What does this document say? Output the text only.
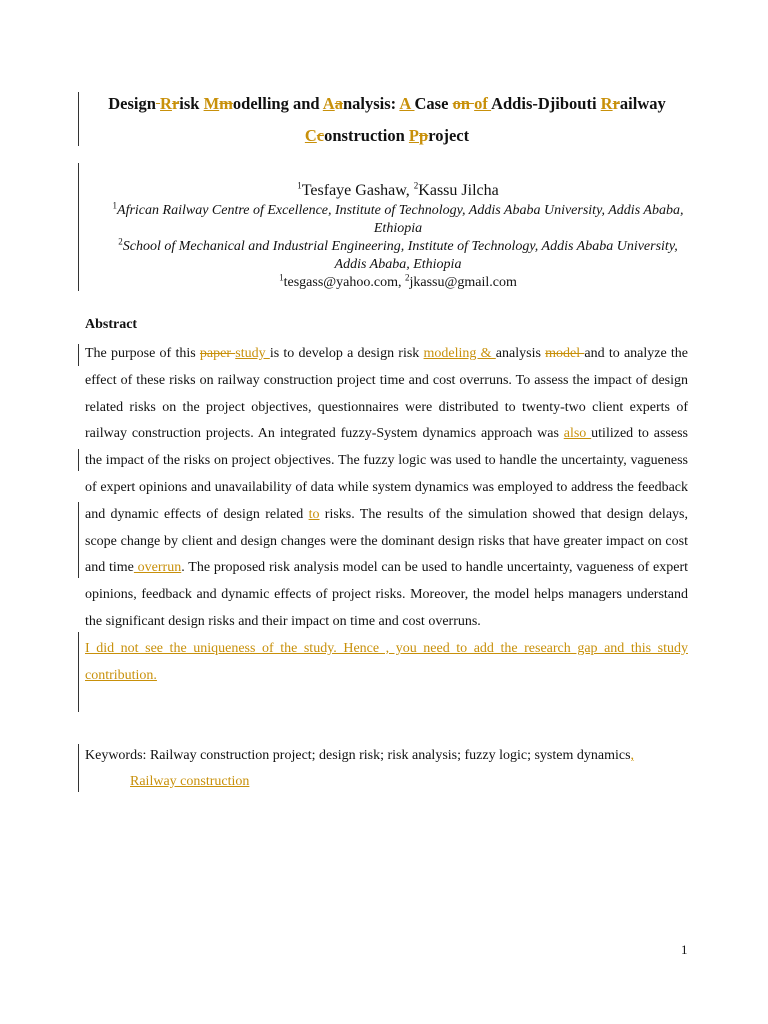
Design Rrisk Mmodelling and Aanalysis: A Case on of Addis-Djibouti Rrailway
Cconstruction Pproject
$^1$Tesfaye Gashaw, $^2$Kassu Jilcha
$^1$African Railway Centre of Excellence, Institute of Technology, Addis Ababa University, Addis Ababa, Ethiopia
$^2$School of Mechanical and Industrial Engineering, Institute of Technology, Addis Ababa University, Addis Ababa, Ethiopia
$^1$tesgass@yahoo.com, $^2$jkassu@gmail.com
Abstract

The purpose of this paper study is to develop a design risk modeling & analysis model and to analyze the effect of these risks on railway construction project time and cost overruns. To assess the impact of design related risks on the project objectives, questionnaires were distributed to twenty-two client experts of railway construction projects. An integrated fuzzy-System dynamics approach was also utilized to assess the impact of the risks on project objectives. The fuzzy logic was used to handle the uncertainty, vagueness of expert opinions and unavailability of data while system dynamics was employed to address the feedback and dynamic effects of design related to risks. The results of the simulation showed that design delays, scope change by client and design changes were the dominant design risks that have greater impact on cost and time overrun. The proposed risk analysis model can be used to handle uncertainty, vagueness of expert opinions, feedback and dynamic effects of project risks. Moreover, the model helps managers understand the significant design risks and their impact on time and cost overruns.

I did not see the uniqueness of the study. Hence , you need to add the research gap and this study contribution.

Keywords: Railway construction project; design risk; risk analysis; fuzzy logic; system dynamics,
Railway construction
1
